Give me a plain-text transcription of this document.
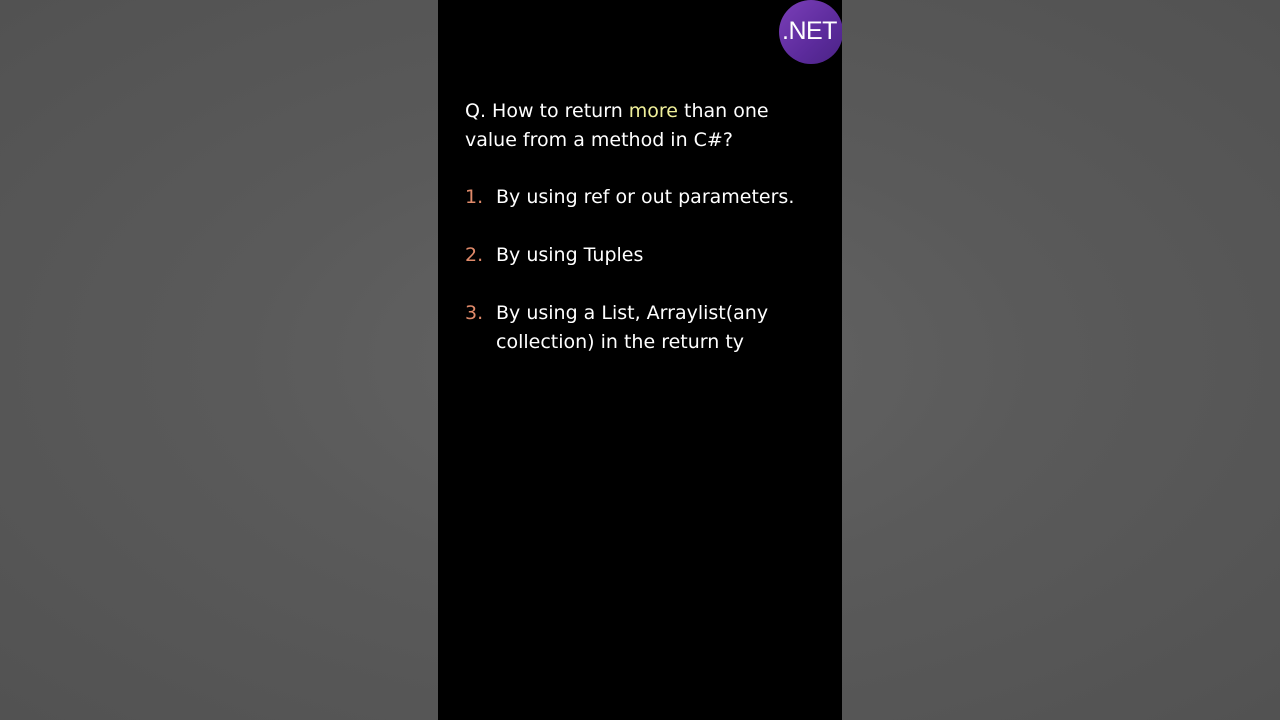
.NET
Q. How to return more than one value from a method in C#?
1. By using ref or out parameters.
2. By using Tuples
3. By using a List, Arraylist(any collection) in the return ty
